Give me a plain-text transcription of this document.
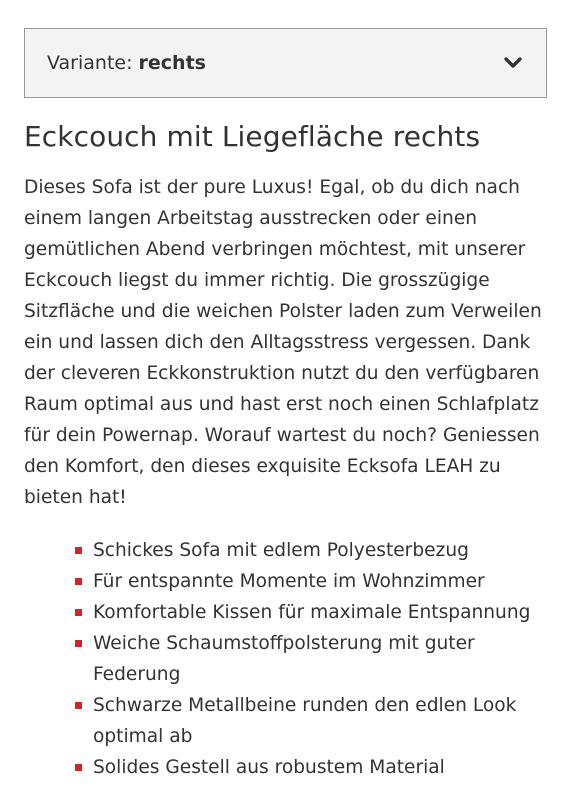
Variante: rechts
Eckcouch mit Liegefläche rechts

Dieses Sofa ist der pure Luxus! Egal, ob du dich nach einem langen Arbeitstag ausstrecken oder einen gemütlichen Abend verbringen möchtest, mit unserer Eckcouch liegst du immer richtig. Die grosszügige Sitzfläche und die weichen Polster laden zum Verweilen ein und lassen dich den Alltagsstress vergessen. Dank der cleveren Eckkonstruktion nutzt du den verfügbaren Raum optimal aus und hast erst noch einen Schlafplatz für dein Powernap. Worauf wartest du noch? Geniessen den Komfort, den dieses exquisite Ecksofa LEAH zu bieten hat!

Schickes Sofa mit edlem Polyesterbezug
Für entspannte Momente im Wohnzimmer
Komfortable Kissen für maximale Entspannung
Weiche Schaumstoffpolsterung mit guter Federung
Schwarze Metallbeine runden den edlen Look optimal ab
Solides Gestell aus robustem Material
